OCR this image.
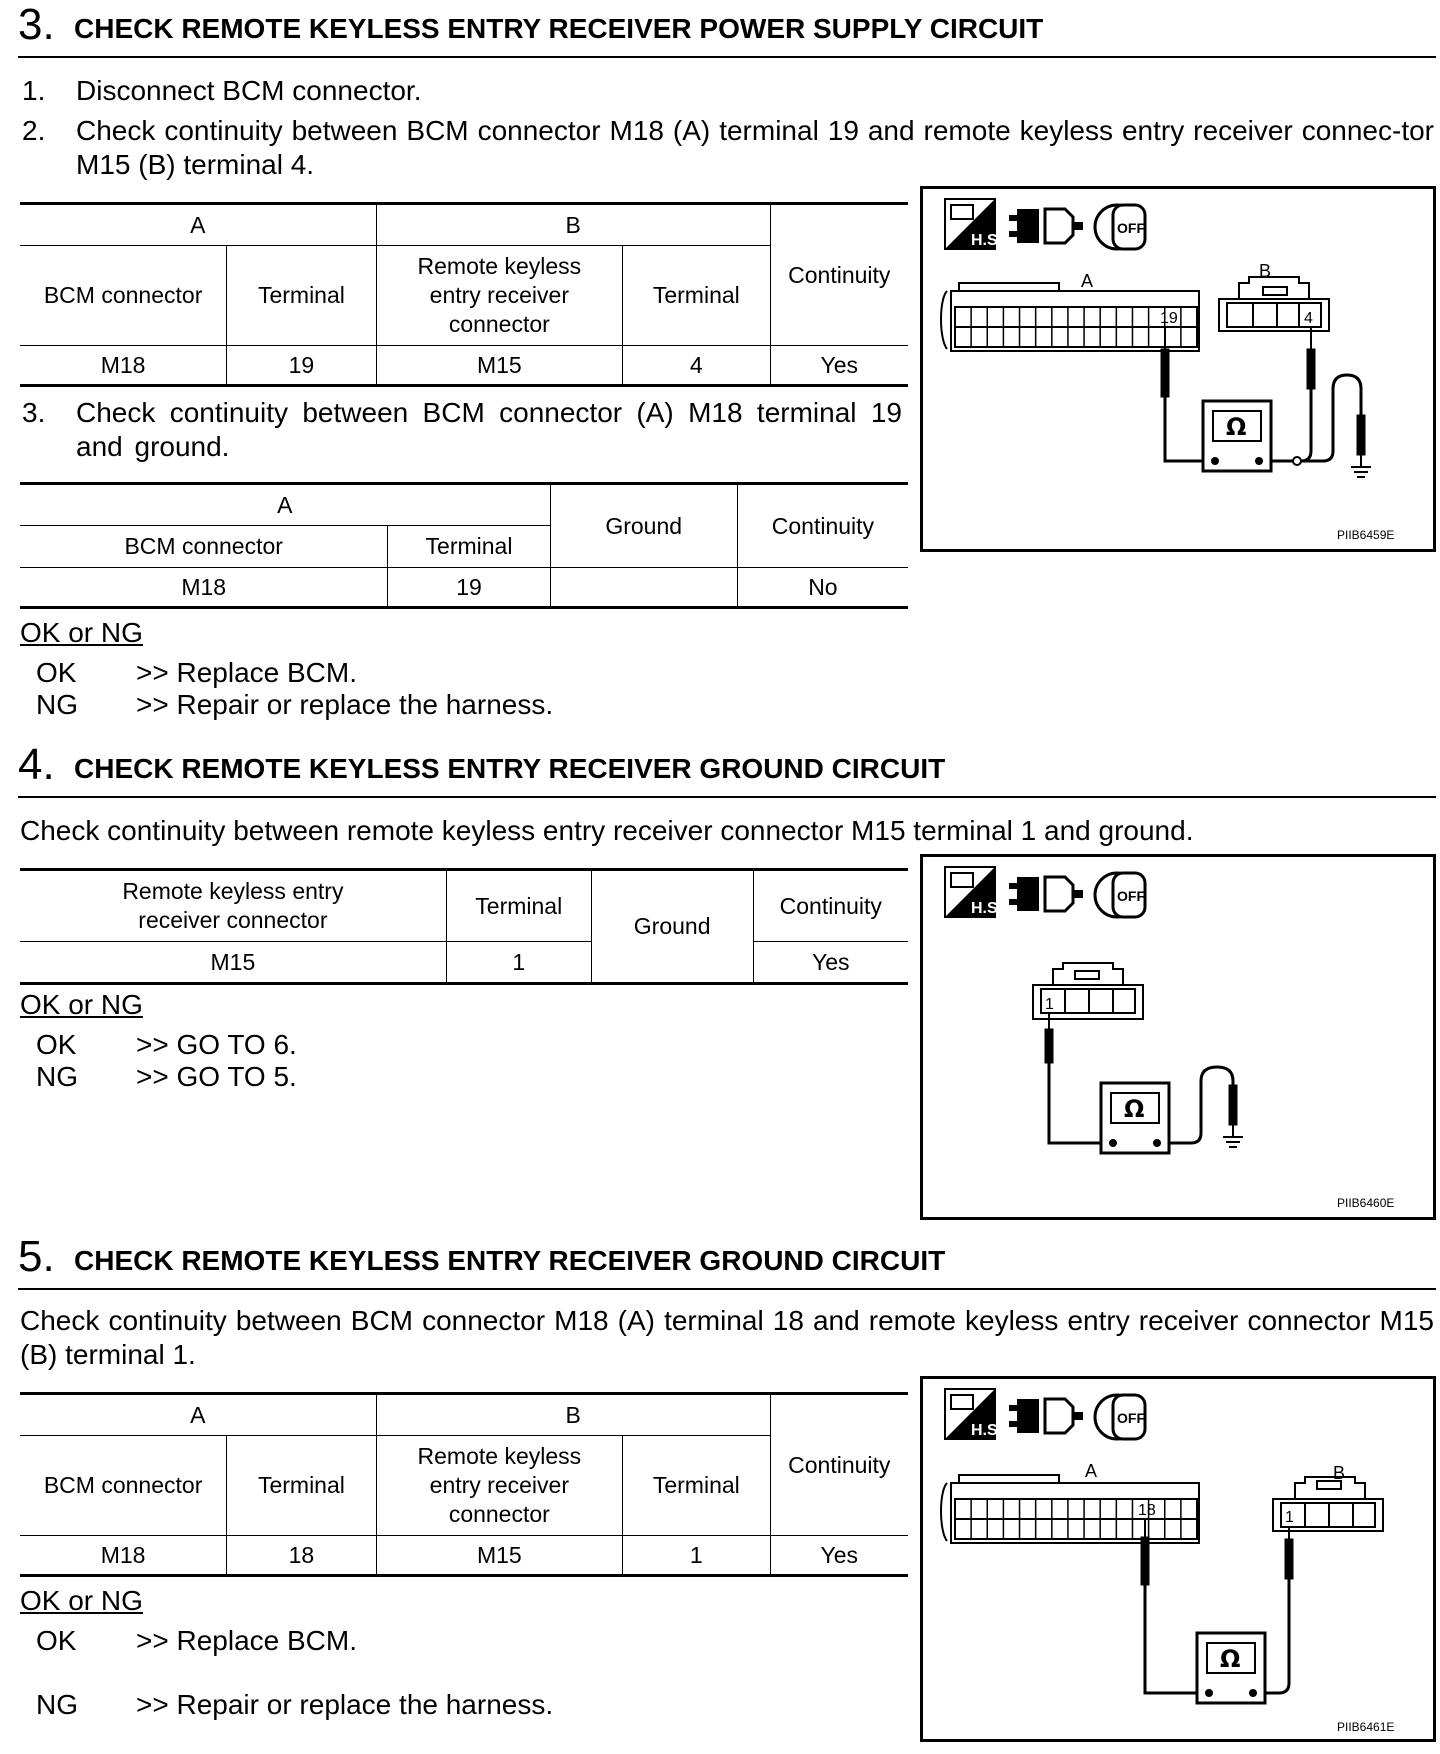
3. CHECK REMOTE KEYLESS ENTRY RECEIVER POWER SUPPLY CIRCUIT
1. Disconnect BCM connector.
2. Check continuity between BCM connector M18 (A) terminal 19 and remote keyless entry receiver connec-tor M15 (B) terminal 4.
A		B		Continuity
BCM connector	Terminal	Remote keyless entry receiver connector	Terminal	
M18	19	M15	4	Yes
3. Check continuity between BCM connector (A) M18 terminal 19 and ground.
A		Ground	Continuity
BCM connector	Terminal		
M18	19		No
OK or NG
OK >> Replace BCM.
NG >> Repair or replace the harness.
H.S.
OFF
A
19
B
4
Ω
PIIB6459E
4. CHECK REMOTE KEYLESS ENTRY RECEIVER GROUND CIRCUIT
Check continuity between remote keyless entry receiver connector M15 terminal 1 and ground.
Remote keyless entry receiver connector	Terminal	Ground	Continuity
M15	1		Yes
OK or NG
OK >> GO TO 6.
NG >> GO TO 5.
H.S.
OFF
1
Ω
PIIB6460E
5. CHECK REMOTE KEYLESS ENTRY RECEIVER GROUND CIRCUIT
Check continuity between BCM connector M18 (A) terminal 18 and remote keyless entry receiver connector M15 (B) terminal 1.
A		B		Continuity
BCM connector	Terminal	Remote keyless entry receiver connector	Terminal	
M18	18	M15	1	Yes
OK or NG
OK >> Replace BCM.
NG >> Repair or replace the harness.
H.S.
OFF
A
18
B
1
Ω
PIIB6461E
